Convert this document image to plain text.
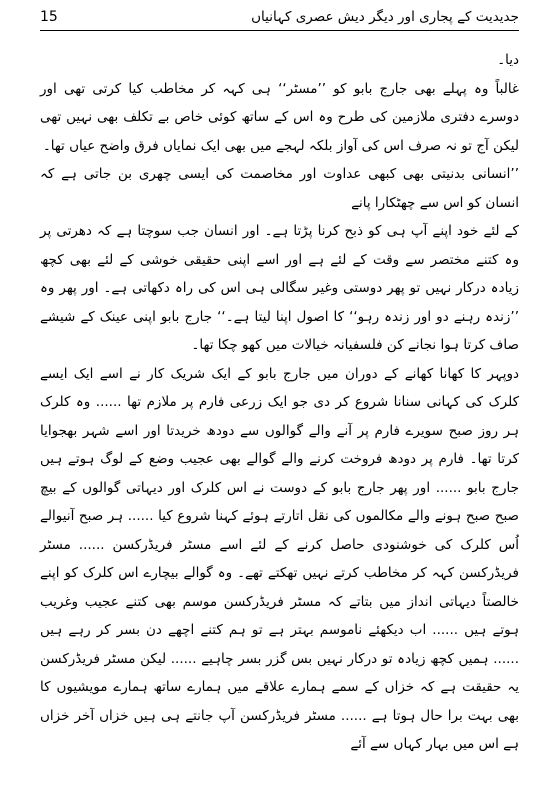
جدیدیت کے پجاری اور دیگر دیش عصری کہانیاں
15

دیا۔

غالباً وہ پہلے بھی جارج بابو کو ’’مسٹر‘‘ ہی کہہ کر مخاطب کیا کرتی تھی اور دوسرے دفتری ملازمین کی طرح وہ اس کے ساتھ کوئی خاص بے تکلف بھی نہیں تھی لیکن آج تو نہ صرف اس کی آواز بلکہ لہجے میں بھی ایک نمایاں فرق واضح عیاں تھا۔

’’انسانی بدنیتی بھی کبھی عداوت اور مخاصمت کی ایسی چھری بن جاتی ہے کہ انسان کو اس سے چھٹکارا پانے

کے لئے خود اپنے آپ ہی کو ذبح کرنا پڑتا ہے۔ اور انسان جب سوچتا ہے کہ دھرتی پر وہ کتنے مختصر سے وقت کے لئے ہے اور اسے اپنی حقیقی خوشی کے لئے بھی کچھ زیادہ درکار نہیں تو پھر دوستی وغیر سگالی ہی اس کی راہ دکھاتی ہے۔ اور پھر وہ ’’زندہ رہنے دو اور زندہ رہو‘‘ کا اصول اپنا لیتا ہے۔‘‘ جارج بابو اپنی عینک کے شیشے صاف کرتا ہوا نجانے کن فلسفیانہ خیالات میں کھو چکا تھا۔

دوپہر کا کھانا کھانے کے دوران میں جارج بابو کے ایک شریک کار نے اسے ایک ایسے کلرک کی کہانی سنانا شروع کر دی جو ایک زرعی فارم پر ملازم تھا ...... وہ کلرک ہر روز صبح سویرے فارم پر آنے والے گوالوں سے دودھ خریدتا اور اسے شہر بھجوایا کرتا تھا۔ فارم پر دودھ فروخت کرنے والے گوالے بھی عجیب وضع کے لوگ ہوتے ہیں جارج بابو ...... اور پھر جارج بابو کے دوست نے اس کلرک اور دیہاتی گوالوں کے بیچ صبح صبح ہونے والے مکالموں کی نقل اتارتے ہوئے کہنا شروع کیا ...... ہر صبح آنیوالے اُس کلرک کی خوشنودی حاصل کرنے کے لئے اسے مسٹر فریڈرکسن ...... مسٹر فریڈرکسن کہہ کر مخاطب کرتے نہیں تھکتے تھے۔ وہ گوالے بیچارے اس کلرک کو اپنے خالصتاً دیہاتی انداز میں بتاتے کہ مسٹر فریڈرکسن موسم بھی کتنے عجیب وغریب ہوتے ہیں ...... اب دیکھئے ناموسم بہتر ہے تو ہم کتنے اچھے دن بسر کر رہے ہیں ...... ہمیں کچھ زیادہ تو درکار نہیں بس گزر بسر چاہیے ...... لیکن مسٹر فریڈرکسن یہ حقیقت ہے کہ خزاں کے سمے ہمارے علاقے میں ہمارے ساتھ ہمارے مویشیوں کا بھی بہت برا حال ہوتا ہے ...... مسٹر فریڈرکسن آپ جانتے ہی ہیں خزاں آخر خزاں ہے اس میں بہار کہاں سے آئے
